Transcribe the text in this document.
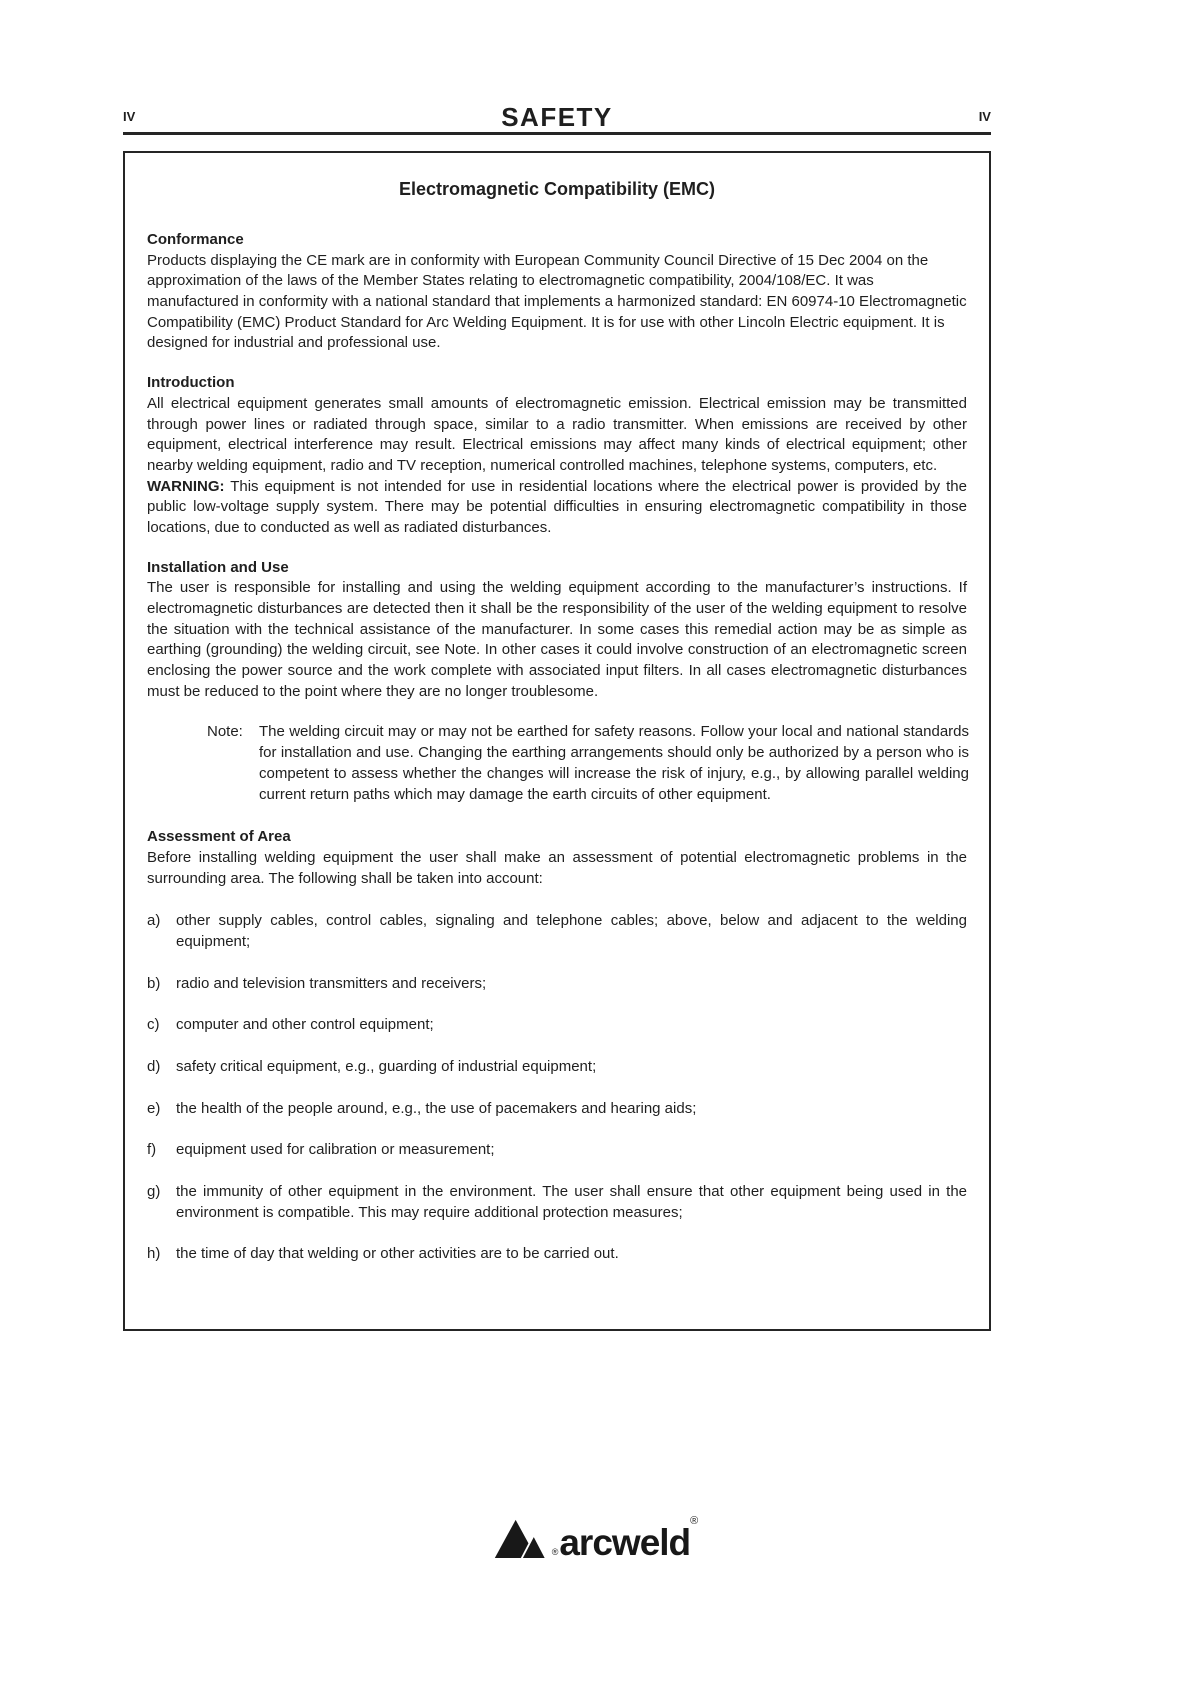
IV	SAFETY	IV
Electromagnetic Compatibility (EMC)
Conformance

Products displaying the CE mark are in conformity with European Community Council Directive of 15 Dec 2004 on the approximation of the laws of the Member States relating to electromagnetic compatibility, 2004/108/EC. It was manufactured in conformity with a national standard that implements a harmonized standard: EN 60974-10 Electromagnetic Compatibility (EMC) Product Standard for Arc Welding Equipment. It is for use with other Lincoln Electric equipment. It is designed for industrial and professional use.

Introduction

All electrical equipment generates small amounts of electromagnetic emission. Electrical emission may be transmitted through power lines or radiated through space, similar to a radio transmitter. When emissions are received by other equipment, electrical interference may result. Electrical emissions may affect many kinds of electrical equipment; other nearby welding equipment, radio and TV reception, numerical controlled machines, telephone systems, computers, etc.

WARNING: This equipment is not intended for use in residential locations where the electrical power is provided by the public low-voltage supply system. There may be potential difficulties in ensuring electromagnetic compatibility in those locations, due to conducted as well as radiated disturbances.

Installation and Use

The user is responsible for installing and using the welding equipment according to the manufacturer’s instructions. If electromagnetic disturbances are detected then it shall be the responsibility of the user of the welding equipment to resolve the situation with the technical assistance of the manufacturer. In some cases this remedial action may be as simple as earthing (grounding) the welding circuit, see Note. In other cases it could involve construction of an electromagnetic screen enclosing the power source and the work complete with associated input filters. In all cases electromagnetic disturbances must be reduced to the point where they are no longer troublesome.

Note:	The welding circuit may or may not be earthed for safety reasons. Follow your local and national standards for installation and use. Changing the earthing arrangements should only be authorized by a person who is competent to assess whether the changes will increase the risk of injury, e.g., by allowing parallel welding current return paths which may damage the earth circuits of other equipment.

Assessment of Area

Before installing welding equipment the user shall make an assessment of potential electromagnetic problems in the surrounding area. The following shall be taken into account:

a)	other supply cables, control cables, signaling and telephone cables; above, below and adjacent to the welding equipment;
b)	radio and television transmitters and receivers;
c)	computer and other control equipment;
d)	safety critical equipment, e.g., guarding of industrial equipment;
e)	the health of the people around, e.g., the use of pacemakers and hearing aids;
f)	equipment used for calibration or measurement;
g)	the immunity of other equipment in the environment. The user shall ensure that other equipment being used in the environment is compatible. This may require additional protection measures;
h)	the time of day that welding or other activities are to be carried out.
® arcweld
®
